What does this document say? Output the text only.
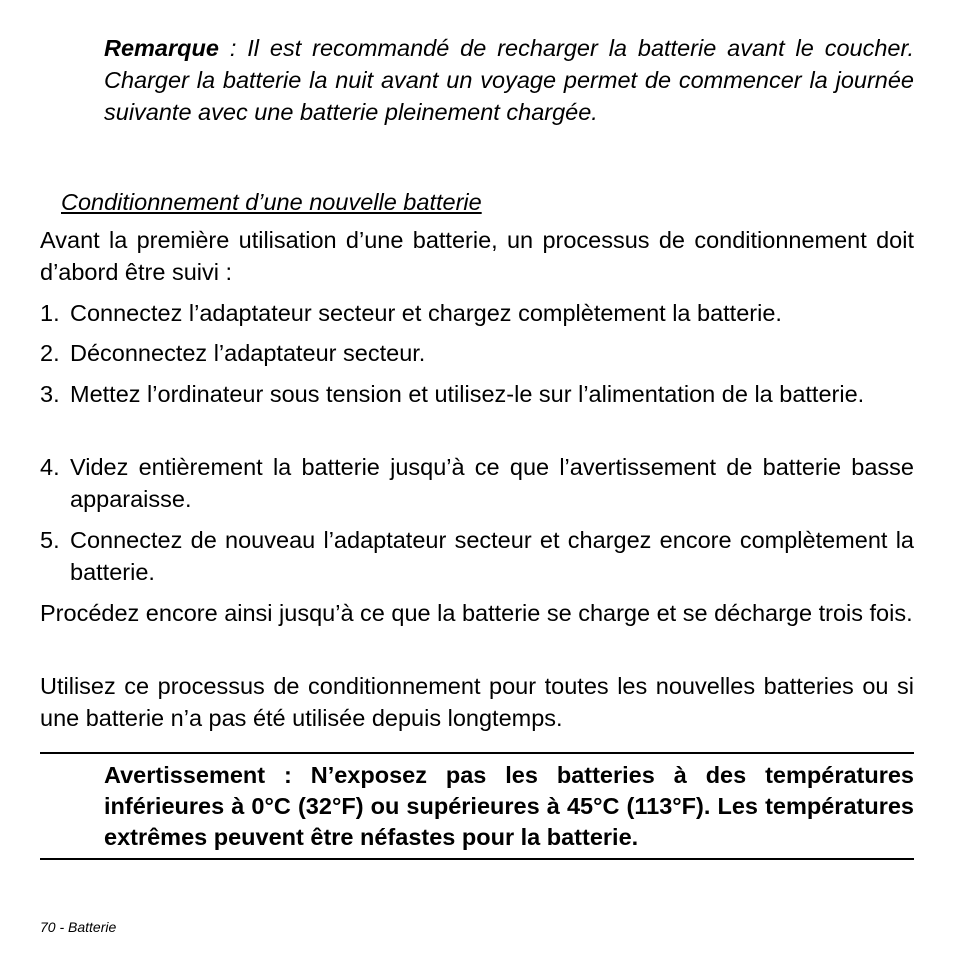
Remarque : Il est recommandé de recharger la batterie avant le coucher. Charger la batterie la nuit avant un voyage permet de commencer la journée suivante avec une batterie pleinement chargée.

Conditionnement d’une nouvelle batterie

Avant la première utilisation d’une batterie, un processus de conditionnement doit d’abord être suivi :

1. Connectez l’adaptateur secteur et chargez complètement la batterie.
2. Déconnectez l’adaptateur secteur.
3. Mettez l’ordinateur sous tension et utilisez-le sur l’alimentation de la batterie.
4. Videz entièrement la batterie jusqu’à ce que l’avertissement de batterie basse apparaisse.
5. Connectez de nouveau l’adaptateur secteur et chargez encore complètement la batterie.

Procédez encore ainsi jusqu’à ce que la batterie se charge et se décharge trois fois.

Utilisez ce processus de conditionnement pour toutes les nouvelles batteries ou si une batterie n’a pas été utilisée depuis longtemps.

Avertissement : N’exposez pas les batteries à des températures inférieures à 0°C (32°F) ou supérieures à 45°C (113°F). Les températures extrêmes peuvent être néfastes pour la batterie.

70 - Batterie
